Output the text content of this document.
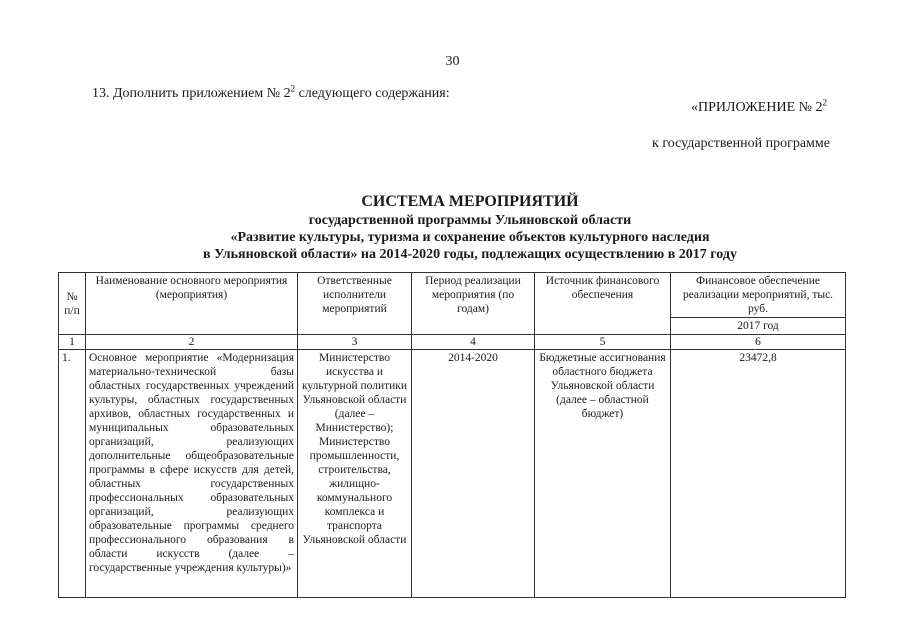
30
13. Дополнить приложением № $2^2$ следующего содержания:
«ПРИЛОЖЕНИЕ № $2^2$
к государственной программе
СИСТЕМА МЕРОПРИЯТИЙ
государственной программы Ульяновской области
«Развитие культуры, туризма и сохранение объектов культурного наследия
в Ульяновской области» на 2014-2020 годы, подлежащих осуществлению в 2017 году
№ п/п	Наименование основного мероприятия (мероприятия)	Ответственные исполнители мероприятий	Период реализации мероприятия (по годам)	Источник финансового обеспечения	Финансовое обеспечение реализации мероприятий, тыс. руб.
					2017 год
1	2	3	4	5	6
1.	Основное мероприятие «Модернизация материально-технической базы областных государственных учреждений культуры, областных государственных архивов, областных государственных и муниципальных образовательных организаций, реализующих дополнительные общеобразовательные программы в сфере искусств для детей, областных государственных профессиональных образовательных организаций, реализующих образовательные программы среднего профессионального образования в области искусств (далее – государственные учреждения культуры)»	Министерство искусства и культурной политики Ульяновской области (далее – Министерство); Министерство промышленности, строительства, жилищно-коммунального комплекса и транспорта Ульяновской области	2014-2020	Бюджетные ассигнования областного бюджета Ульяновской области (далее – областной бюджет)	23472,8
